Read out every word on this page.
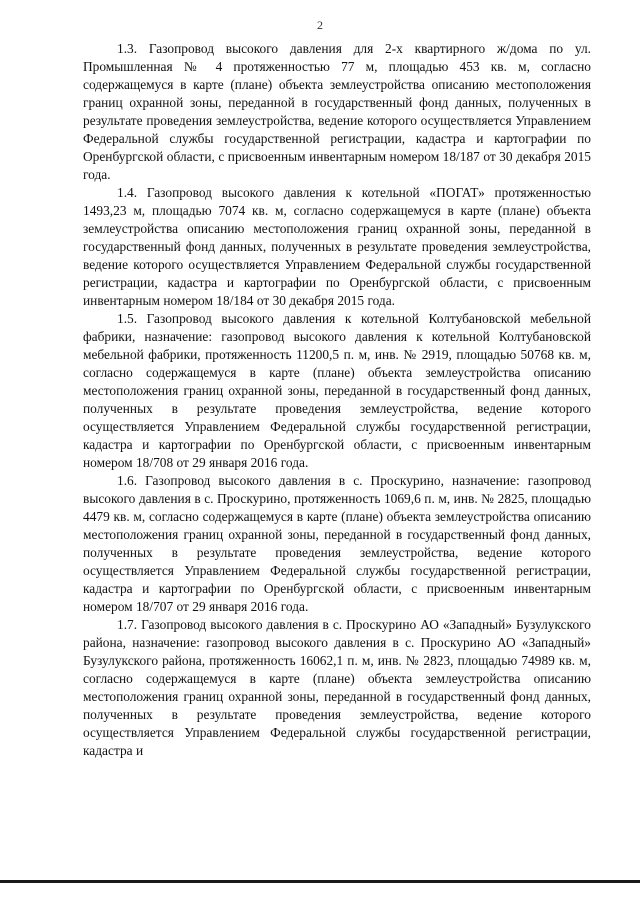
2

1.3. Газопровод высокого давления для 2-х квартирного ж/дома по ул. Промышленная № 4 протяженностью 77 м, площадью 453 кв. м, согласно содержащемуся в карте (плане) объекта землеустройства описанию местоположения границ охранной зоны, переданной в государственный фонд данных, полученных в результате проведения землеустройства, ведение которого осуществляется Управлением Федеральной службы государственной регистрации, кадастра и картографии по Оренбургской области, с присвоенным инвентарным номером 18/187 от 30 декабря 2015 года.

1.4. Газопровод высокого давления к котельной «ПОГАТ» протяженностью 1493,23 м, площадью 7074 кв. м, согласно содержащемуся в карте (плане) объекта землеустройства описанию местоположения границ охранной зоны, переданной в государственный фонд данных, полученных в результате проведения землеустройства, ведение которого осуществляется Управлением Федеральной службы государственной регистрации, кадастра и картографии по Оренбургской области, с присвоенным инвентарным номером 18/184 от 30 декабря 2015 года.

1.5. Газопровод высокого давления к котельной Колтубановской мебельной фабрики, назначение: газопровод высокого давления к котельной Колтубановской мебельной фабрики, протяженность 11200,5 п. м, инв. № 2919, площадью 50768 кв. м, согласно содержащемуся в карте (плане) объекта землеустройства описанию местоположения границ охранной зоны, переданной в государственный фонд данных, полученных в результате проведения землеустройства, ведение которого осуществляется Управлением Федеральной службы государственной регистрации, кадастра и картографии по Оренбургской области, с присвоенным инвентарным номером 18/708 от 29 января 2016 года.

1.6. Газопровод высокого давления в с. Проскурино, назначение: газопровод высокого давления в с. Проскурино, протяженность 1069,6 п. м, инв. № 2825, площадью 4479 кв. м, согласно содержащемуся в карте (плане) объекта землеустройства описанию местоположения границ охранной зоны, переданной в государственный фонд данных, полученных в результате проведения землеустройства, ведение которого осуществляется Управлением Федеральной службы государственной регистрации, кадастра и картографии по Оренбургской области, с присвоенным инвентарным номером 18/707 от 29 января 2016 года.

1.7. Газопровод высокого давления в с. Проскурино АО «Западный» Бузулукского района, назначение: газопровод высокого давления в с. Проскурино АО «Западный» Бузулукского района, протяженность 16062,1 п. м, инв. № 2823, площадью 74989 кв. м, согласно содержащемуся в карте (плане) объекта землеустройства описанию местоположения границ охранной зоны, переданной в государственный фонд данных, полученных в результате проведения землеустройства, ведение которого осуществляется Управлением Федеральной службы государственной регистрации, кадастра и
